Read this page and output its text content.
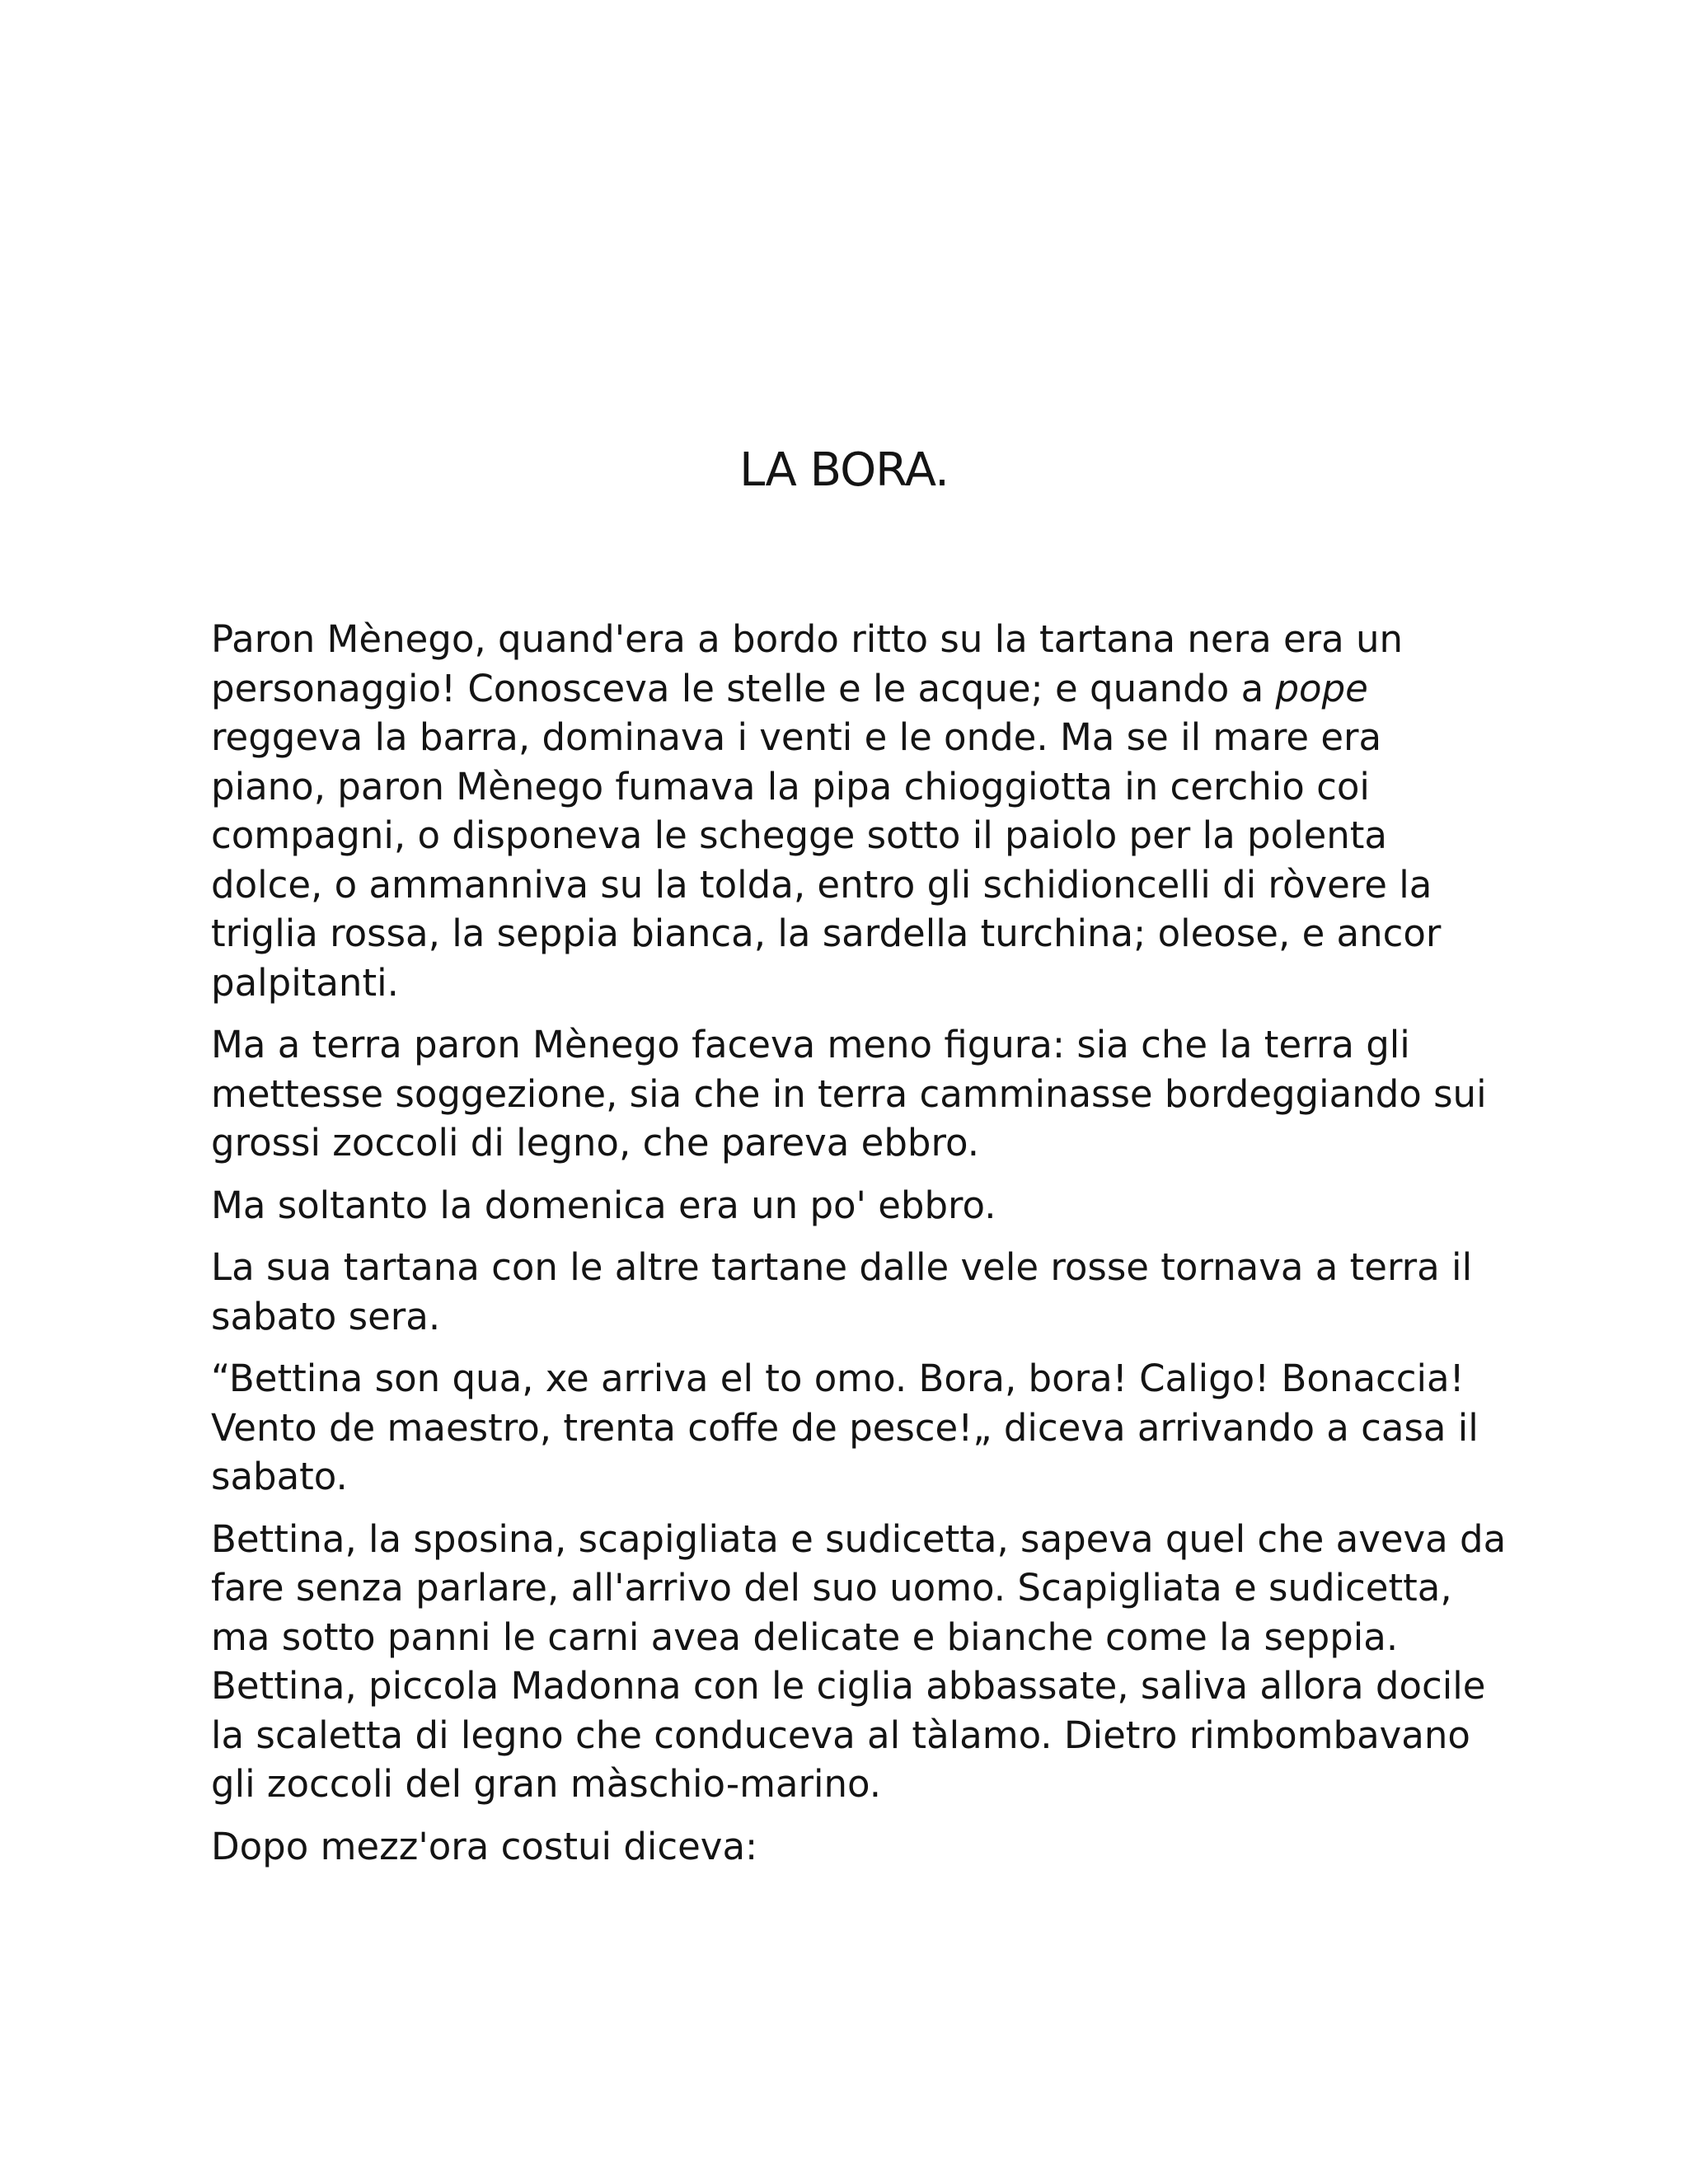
LA BORA.

Paron Mènego, quand'era a bordo ritto su la tartana nera era un
personaggio! Conosceva le stelle e le acque; e quando a pope
reggeva la barra, dominava i venti e le onde. Ma se il mare era
piano, paron Mènego fumava la pipa chioggiotta in cerchio coi
compagni, o disponeva le schegge sotto il paiolo per la polenta
dolce, o ammanniva su la tolda, entro gli schidioncelli di ròvere la
triglia rossa, la seppia bianca, la sardella turchina; oleose, e ancor
palpitanti.

Ma a terra paron Mènego faceva meno figura: sia che la terra gli
mettesse soggezione, sia che in terra camminasse bordeggiando sui
grossi zoccoli di legno, che pareva ebbro.

Ma soltanto la domenica era un po' ebbro.

La sua tartana con le altre tartane dalle vele rosse tornava a terra il
sabato sera.

“Bettina son qua, xe arriva el to omo. Bora, bora! Caligo! Bonaccia!
Vento de maestro, trenta coffe de pesce!„ diceva arrivando a casa il
sabato.

Bettina, la sposina, scapigliata e sudicetta, sapeva quel che aveva da
fare senza parlare, all'arrivo del suo uomo. Scapigliata e sudicetta,
ma sotto panni le carni avea delicate e bianche come la seppia.
Bettina, piccola Madonna con le ciglia abbassate, saliva allora docile
la scaletta di legno che conduceva al tàlamo. Dietro rimbombavano
gli zoccoli del gran màschio-marino.

Dopo mezz'ora costui diceva:
